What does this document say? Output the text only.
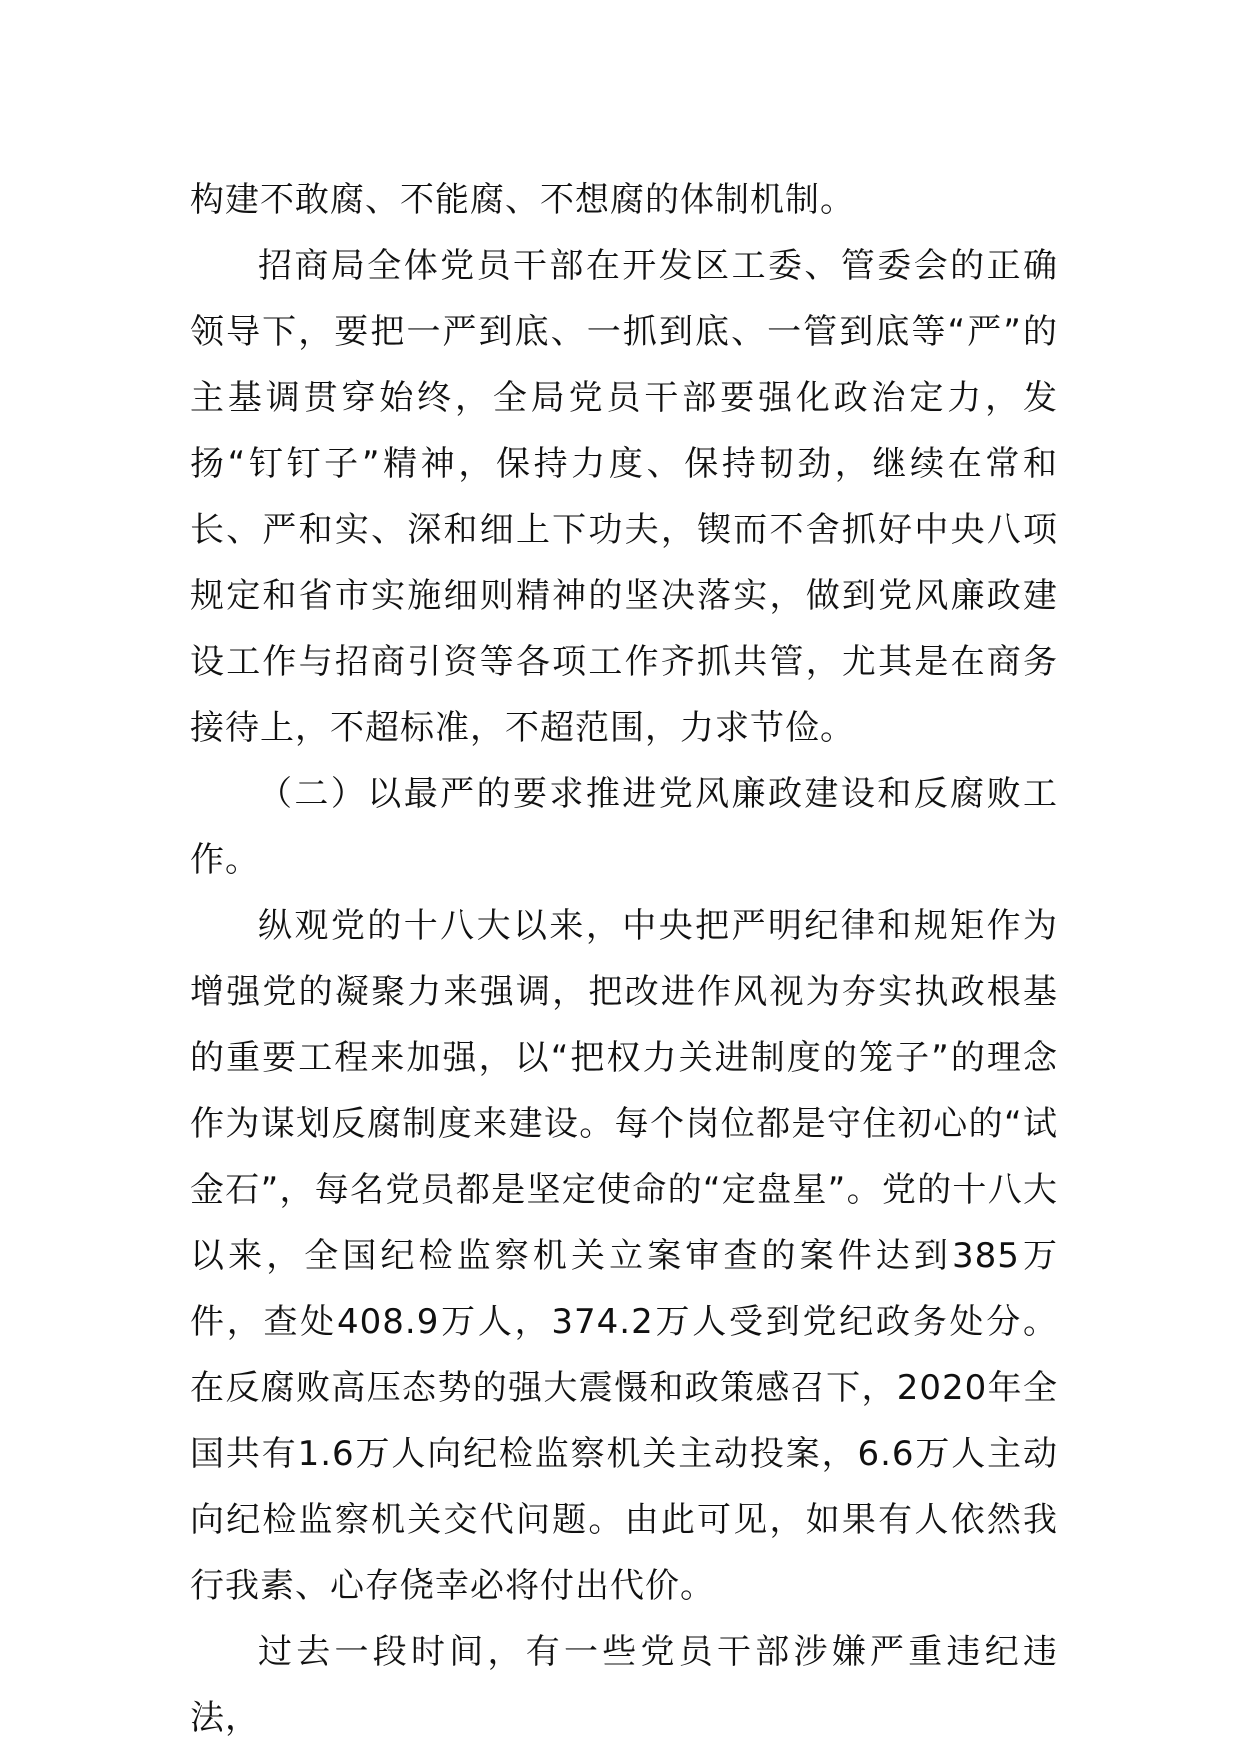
构建不敢腐、不能腐、不想腐的体制机制。

招商局全体党员干部在开发区工委、管委会的正确领导下，要把一严到底、一抓到底、一管到底等“严”的主基调贯穿始终，全局党员干部要强化政治定力，发扬“钉钉子”精神，保持力度、保持韧劲，继续在常和长、严和实、深和细上下功夫，锲而不舍抓好中央八项规定和省市实施细则精神的坚决落实，做到党风廉政建设工作与招商引资等各项工作齐抓共管，尤其是在商务接待上，不超标准，不超范围，力求节俭。

（二）以最严的要求推进党风廉政建设和反腐败工作。

纵观党的十八大以来，中央把严明纪律和规矩作为增强党的凝聚力来强调，把改进作风视为夯实执政根基的重要工程来加强，以“把权力关进制度的笼子”的理念作为谋划反腐制度来建设。每个岗位都是守住初心的“试金石”，每名党员都是坚定使命的“定盘星”。党的十八大以来，全国纪检监察机关立案审查的案件达到385万件，查处408.9万人，374.2万人受到党纪政务处分。在反腐败高压态势的强大震慑和政策感召下，2020年全国共有1.6万人向纪检监察机关主动投案，6.6万人主动向纪检监察机关交代问题。由此可见，如果有人依然我行我素、心存侥幸必将付出代价。

过去一段时间，有一些党员干部涉嫌严重违纪违法，
